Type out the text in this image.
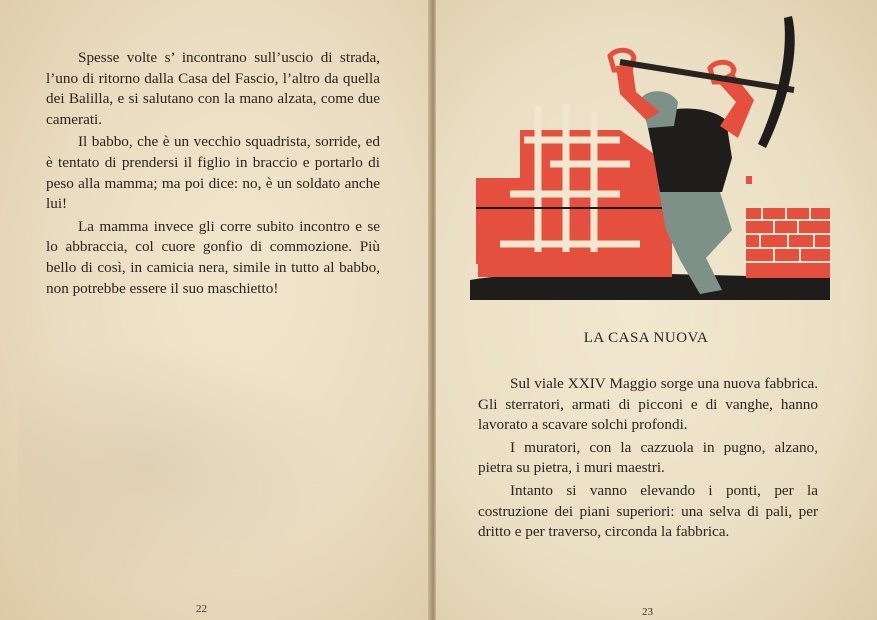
Spesse volte s’ incontrano sull’uscio di strada, l’uno di ritorno dalla Casa del Fascio, l’altro da quella dei Balilla, e si salutano con la mano alzata, come due camerati.

Il babbo, che è un vecchio squadrista, sorride, ed è tentato di prendersi il figlio in braccio e portarlo di peso alla mamma; ma poi dice: no, è un soldato anche lui!

La mamma invece gli corre subito incontro e se lo abbraccia, col cuore gonfio di commozione. Più bello di così, in camicia nera, simile in tutto al babbo, non potrebbe essere il suo maschietto!

22
LA CASA NUOVA

Sul viale XXIV Maggio sorge una nuova fabbrica. Gli sterratori, armati di picconi e di vanghe, hanno lavorato a scavare solchi profondi.

I muratori, con la cazzuola in pugno, alzano, pietra su pietra, i muri maestri.

Intanto si vanno elevando i ponti, per la costruzione dei piani superiori: una selva di pali, per dritto e per traverso, circonda la fabbrica.

23
